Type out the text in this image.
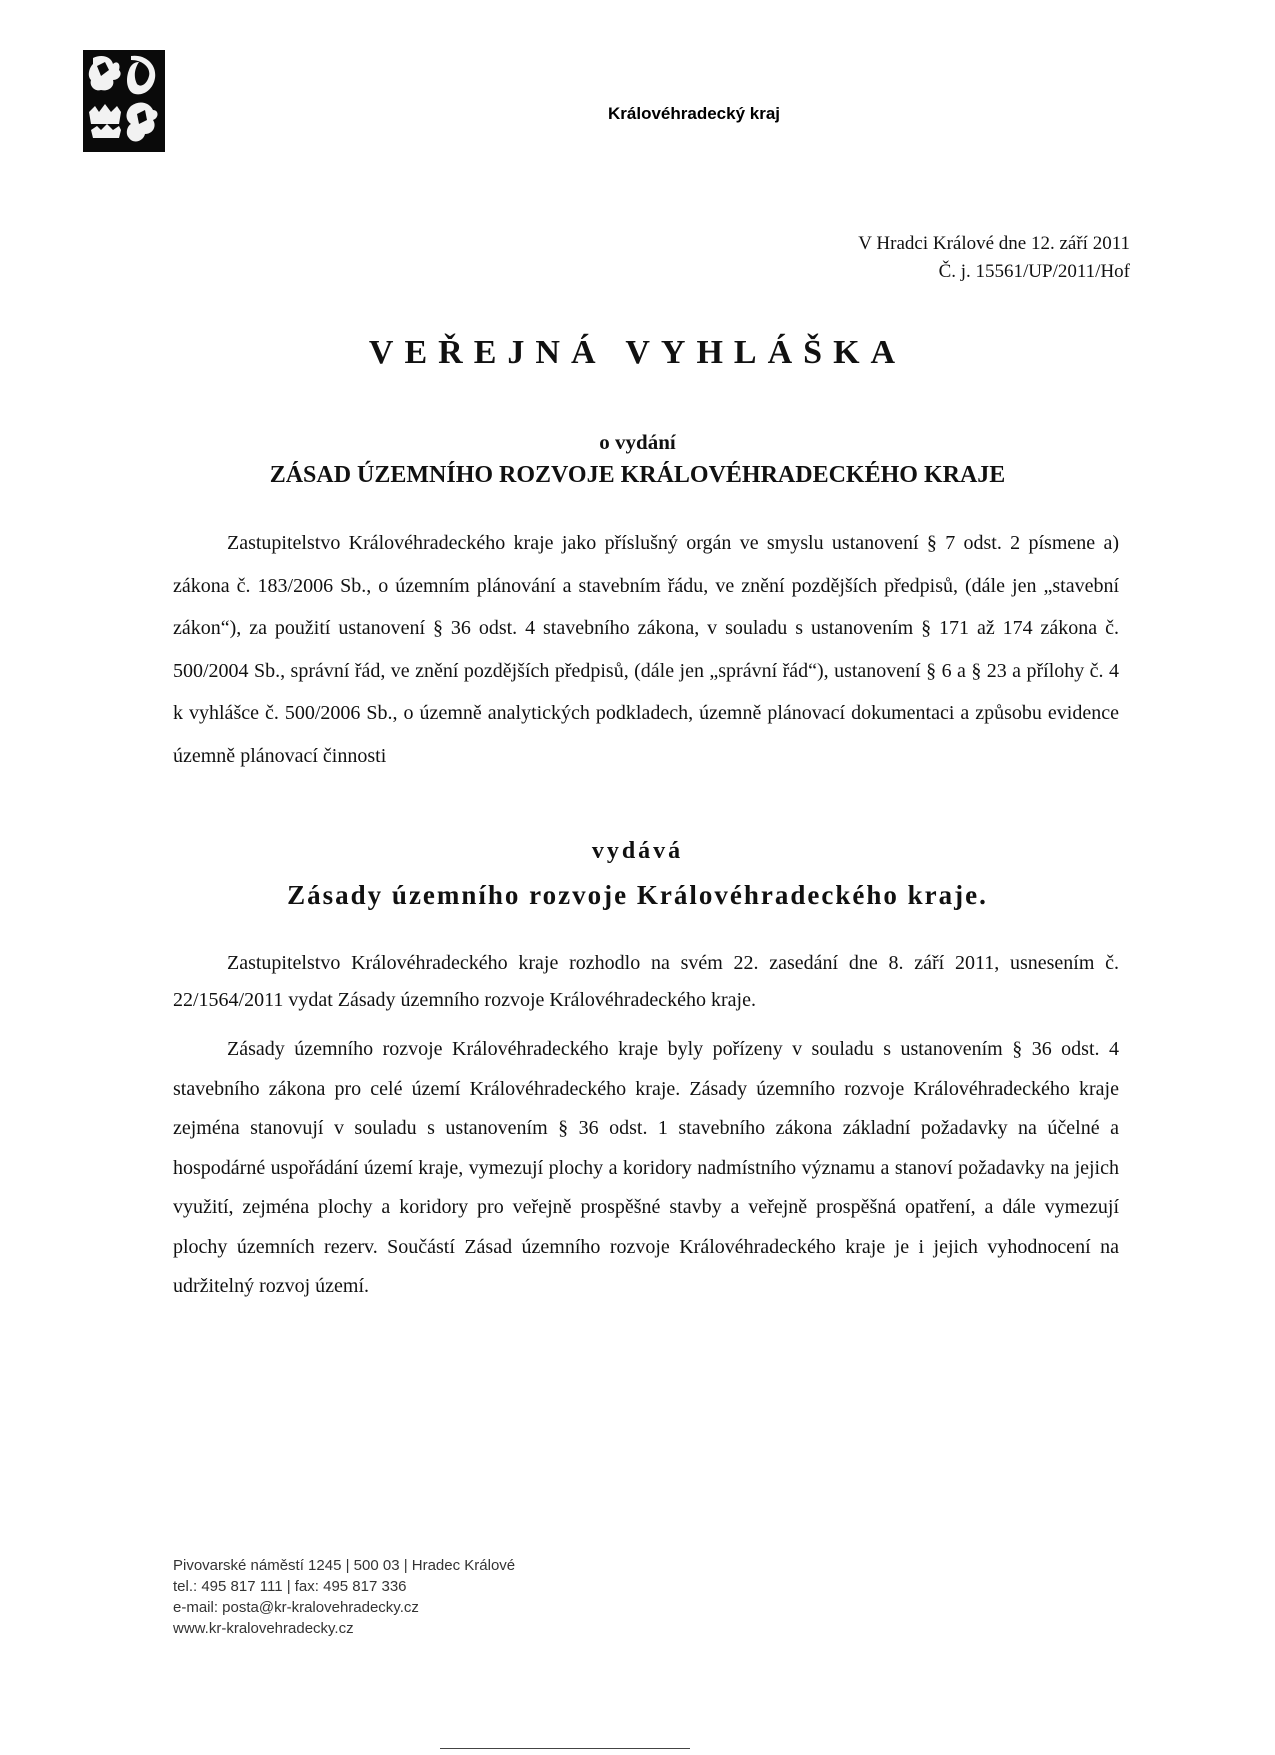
Královéhradecký kraj
V Hradci Králové dne 12. září 2011
Č. j. 15561/UP/2011/Hof
VEŘEJNÁ VYHLÁŠKA
o vydání
ZÁSAD ÚZEMNÍHO ROZVOJE KRÁLOVÉHRADECKÉHO KRAJE

Zastupitelstvo Královéhradeckého kraje jako příslušný orgán ve smyslu ustanovení § 7 odst. 2 písmene a) zákona č. 183/2006 Sb., o územním plánování a stavebním řádu, ve znění pozdějších předpisů, (dále jen „stavební zákon“), za použití ustanovení § 36 odst. 4 stavebního zákona, v souladu s ustanovením § 171 až 174 zákona č. 500/2004 Sb., správní řád, ve znění pozdějších předpisů, (dále jen „správní řád“), ustanovení § 6 a § 23 a přílohy č. 4 k vyhlášce č. 500/2006 Sb., o územně analytických podkladech, územně plánovací dokumentaci a způsobu evidence územně plánovací činnosti

vydává
Zásady územního rozvoje Královéhradeckého kraje.

Zastupitelstvo Královéhradeckého kraje rozhodlo na svém 22. zasedání dne 8. září 2011, usnesením č. 22/1564/2011 vydat Zásady územního rozvoje Královéhradeckého kraje.

Zásady územního rozvoje Královéhradeckého kraje byly pořízeny v souladu s ustanovením § 36 odst. 4 stavebního zákona pro celé území Královéhradeckého kraje. Zásady územního rozvoje Královéhradeckého kraje zejména stanovují v souladu s ustanovením § 36 odst. 1 stavebního zákona základní požadavky na účelné a hospodárné uspořádání území kraje, vymezují plochy a koridory nadmístního významu a stanoví požadavky na jejich využití, zejména plochy a koridory pro veřejně prospěšné stavby a veřejně prospěšná opatření, a dále vymezují plochy územních rezerv. Součástí Zásad územního rozvoje Královéhradeckého kraje je i jejich vyhodnocení na udržitelný rozvoj území.

Pivovarské náměstí 1245 | 500 03 | Hradec Králové
tel.: 495 817 111 | fax: 495 817 336
e-mail: posta@kr-kralovehradecky.cz
www.kr-kralovehradecky.cz
